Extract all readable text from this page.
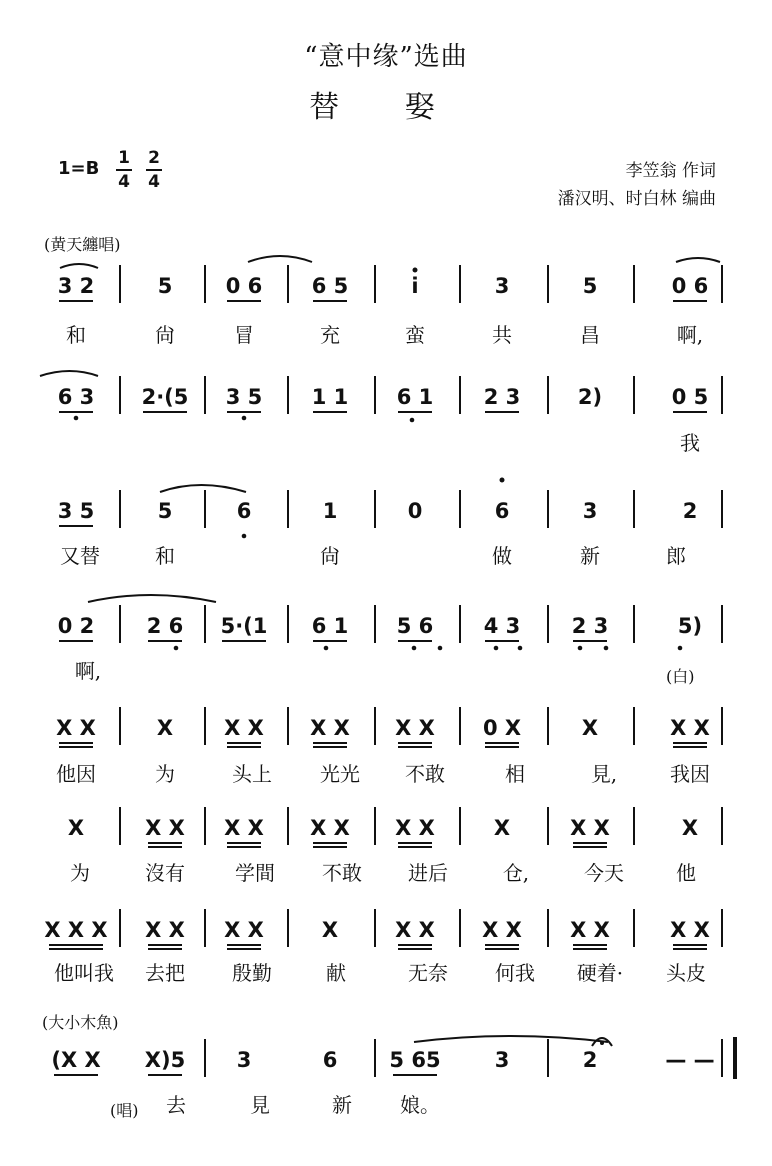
“意中缘”选曲
替 娶
1=B 1
4
2
4
李笠翁 作词
潘汉明、时白林 编曲
(黄天纏唱)
(白)
(大小木魚)
(唱)
3 2	5	0 6 6 5	i	3	5	0 6
6 3 2·(5 3 5 1 1 6 1 2 3	2)	0 5
3 5	5	6	1	0	6	3	2
0 2 2 6 5·(1 6 1 5 6 4 3 2 3	5)
X X	X X X X X X X 0 X	X	X X
X	X X X X X X X X	X	X X	X
X X X X X X X	X	X X X X X X	X X
(X X X)5 3	6 5 65	3	2	— —
和	尙	冒	充	蛮	共	昌	啊,
我
又替	和	尙	做	新	郎
啊,
他因	为	头上 光光 不敢	相	見,	我因
为	沒有	学間 不敢 进后	仓,	今天	他
他叫我 去把 殷勤	献	无奈 何我 硬着· 头皮
去	見	新 娘。
